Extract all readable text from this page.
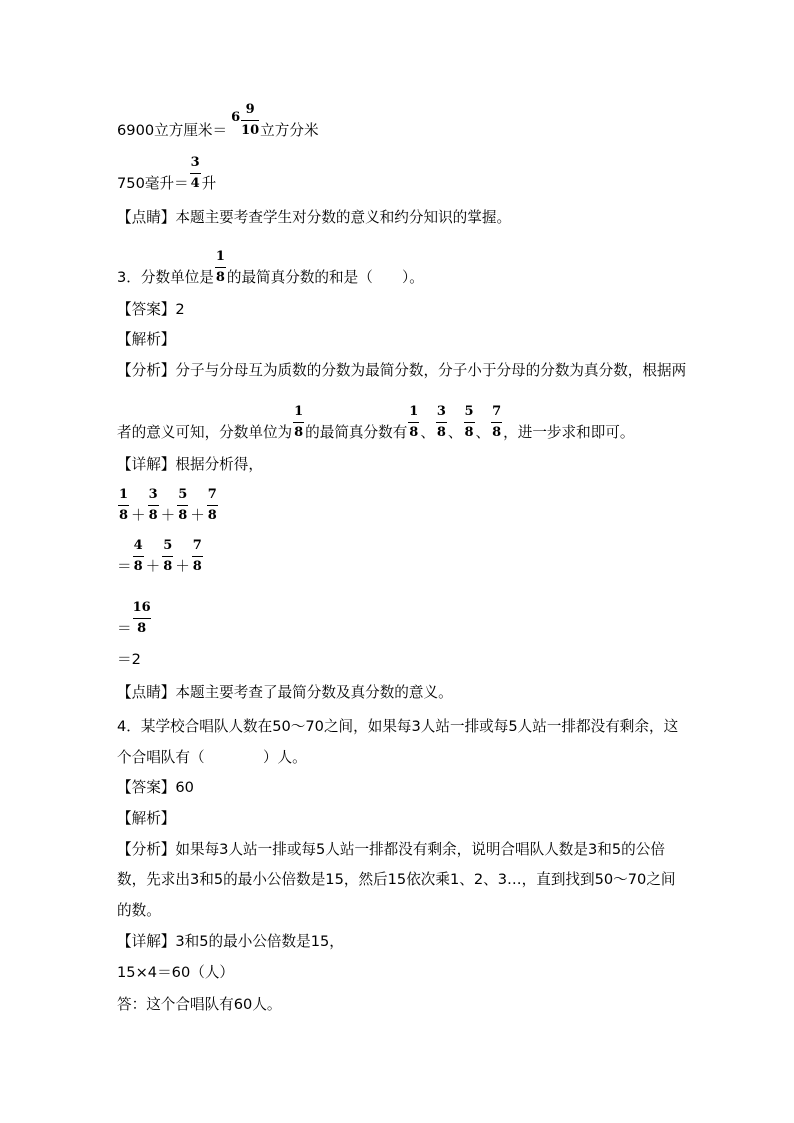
6900立方厘米＝6
9
10 立方分米
750毫升＝
3
4 升
【点睛】本题主要考查学生对分数的意义和约分知识的掌握。
3．分数单位是
1
8 的最简真分数的和是（　　）。
【答案】2
【解析】
【分析】分子与分母互为质数的分数为最简分数，分子小于分母的分数为真分数，根据两
者的意义可知，分数单位为
1
8 的最简真分数有
1
8 、
3
8 、
5
8 、
7
8 ，进一步求和即可。
【详解】根据分析得，
1
8 ＋
3
8 ＋
5
8 ＋
7
8
＝
4
8 ＋
5
8 ＋
7
8
＝
16
8
＝2
【点睛】本题主要考查了最简分数及真分数的意义。
4．某学校合唱队人数在50～70之间，如果每3人站一排或每5人站一排都没有剩余，这
个合唱队有（　　　　）人。
【答案】60
【解析】
【分析】如果每3人站一排或每5人站一排都没有剩余，说明合唱队人数是3和5的公倍
数，先求出3和5的最小公倍数是15，然后15依次乘1、2、3…，直到找到50～70之间
的数。
【详解】3和5的最小公倍数是15，
15×4＝60（人）
答：这个合唱队有60人。
